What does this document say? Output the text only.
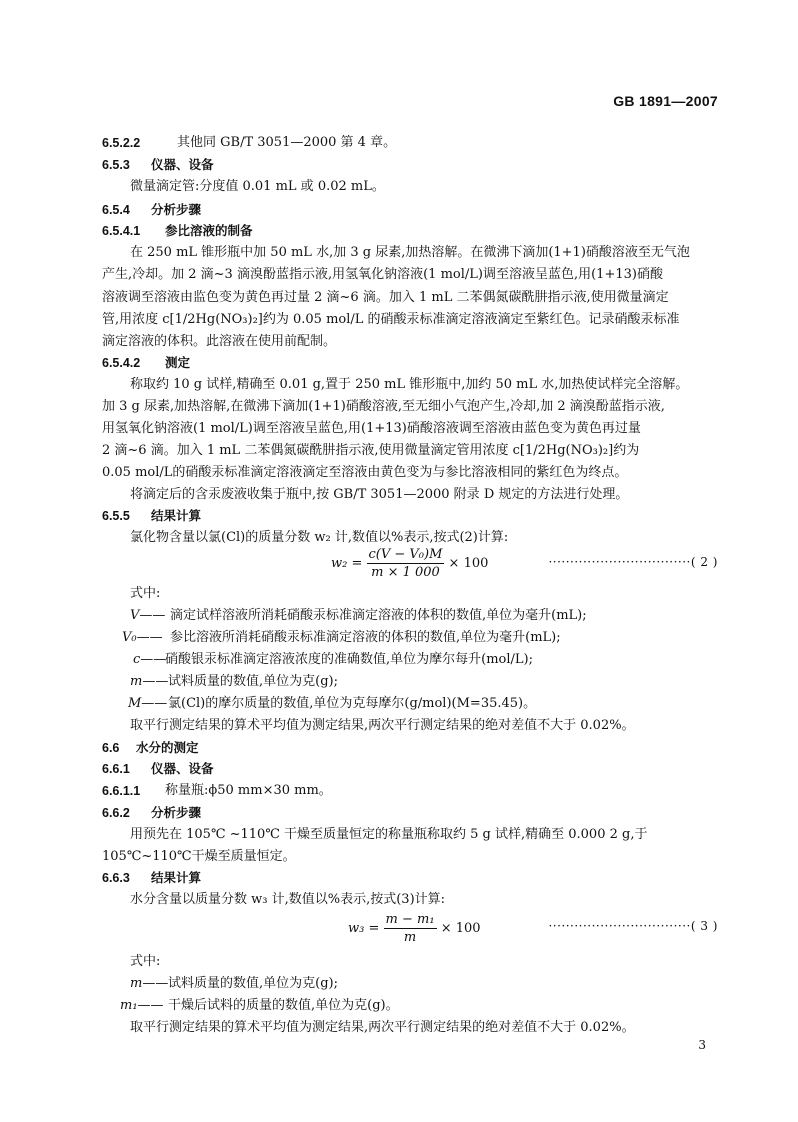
GB 1891—2007
6.5.2.2	其他同 GB/T 3051—2000 第 4 章。
6.5.3 仪器、设备
微量滴定管:分度值 0.01 mL 或 0.02 mL。
6.5.4 分析步骤
6.5.4.1 参比溶液的制备
在 250 mL 锥形瓶中加 50 mL 水,加 3 g 尿素,加热溶解。在微沸下滴加(1+1)硝酸溶液至无气泡
产生,冷却。加 2 滴~3 滴溴酚蓝指示液,用氢氧化钠溶液(1 mol/L)调至溶液呈蓝色,用(1+13)硝酸
溶液调至溶液由监色变为黄色再过量 2 滴~6 滴。加入 1 mL 二苯偶氮碳酰肼指示液,使用微量滴定
管,用浓度 c[1/2Hg(NO₃)₂]约为 0.05 mol/L 的硝酸汞标准滴定溶液滴定至紫红色。记录硝酸汞标准
滴定溶液的体积。此溶液在使用前配制。
6.5.4.2 测定
称取约 10 g 试样,精确至 0.01 g,置于 250 mL 锥形瓶中,加约 50 mL 水,加热使试样完全溶解。
加 3 g 尿素,加热溶解,在微沸下滴加(1+1)硝酸溶液,至无细小气泡产生,冷却,加 2 滴溴酚蓝指示液,
用氢氧化钠溶液(1 mol/L)调至溶液呈蓝色,用(1+13)硝酸溶液调至溶液由蓝色变为黄色再过量
2 滴~6 滴。加入 1 mL 二苯偶氮碳酰肼指示液,使用微量滴定管用浓度 c[1/2Hg(NO₃)₂]约为
0.05 mol/L的硝酸汞标准滴定溶液滴定至溶液由黄色变为与参比溶液相同的紫红色为终点。
将滴定后的含汞废液收集于瓶中,按 GB/T 3051—2000 附录 D 规定的方法进行处理。
6.5.5 结果计算
氯化物含量以氯(Cl)的质量分数 w₂ 计,数值以%表示,按式(2)计算:
$w_2 = \frac{\text{c(V − V₀)M}}{m \times 1 000} \times 100$	·································( 2 )
式中:
V—— 滴定试样溶液所消耗硝酸汞标准滴定溶液的体积的数值,单位为毫升(mL);
V₀—— 参比溶液所消耗硝酸汞标准滴定溶液的体积的数值,单位为毫升(mL);
c——
硝酸银汞标准滴定溶液浓度的准确数值,单位为摩尔每升(mol/L);
m—— 试料质量的数值,单位为克(g);
M—— 氯(Cl)的摩尔质量的数值,单位为克每摩尔(g/mol)(M=35.45)。
取平行测定结果的算术平均值为测定结果,两次平行测定结果的绝对差值不大于 0.02%。
6.6 水分的测定
6.6.1 仪器、设备
6.6.1.1 称量瓶:ϕ50 mm×30 mm。
6.6.2 分析步骤
用预先在 105℃ ~110℃ 干燥至质量恒定的称量瓶称取约 5 g 试样,精确至 0.000 2 g,于
105℃~110℃干燥至质量恒定。
6.6.3 结果计算
水分含量以质量分数 w₃ 计,数值以%表示,按式(3)计算:
$w_3 = \frac{\text{m − m₁}}{m} \times 100$	·································( 3 )
式中:
m—— 试料质量的数值,单位为克(g);
m₁—— 干燥后试料的质量的数值,单位为克(g)。
取平行测定结果的算术平均值为测定结果,两次平行测定结果的绝对差值不大于 0.02%。
3
